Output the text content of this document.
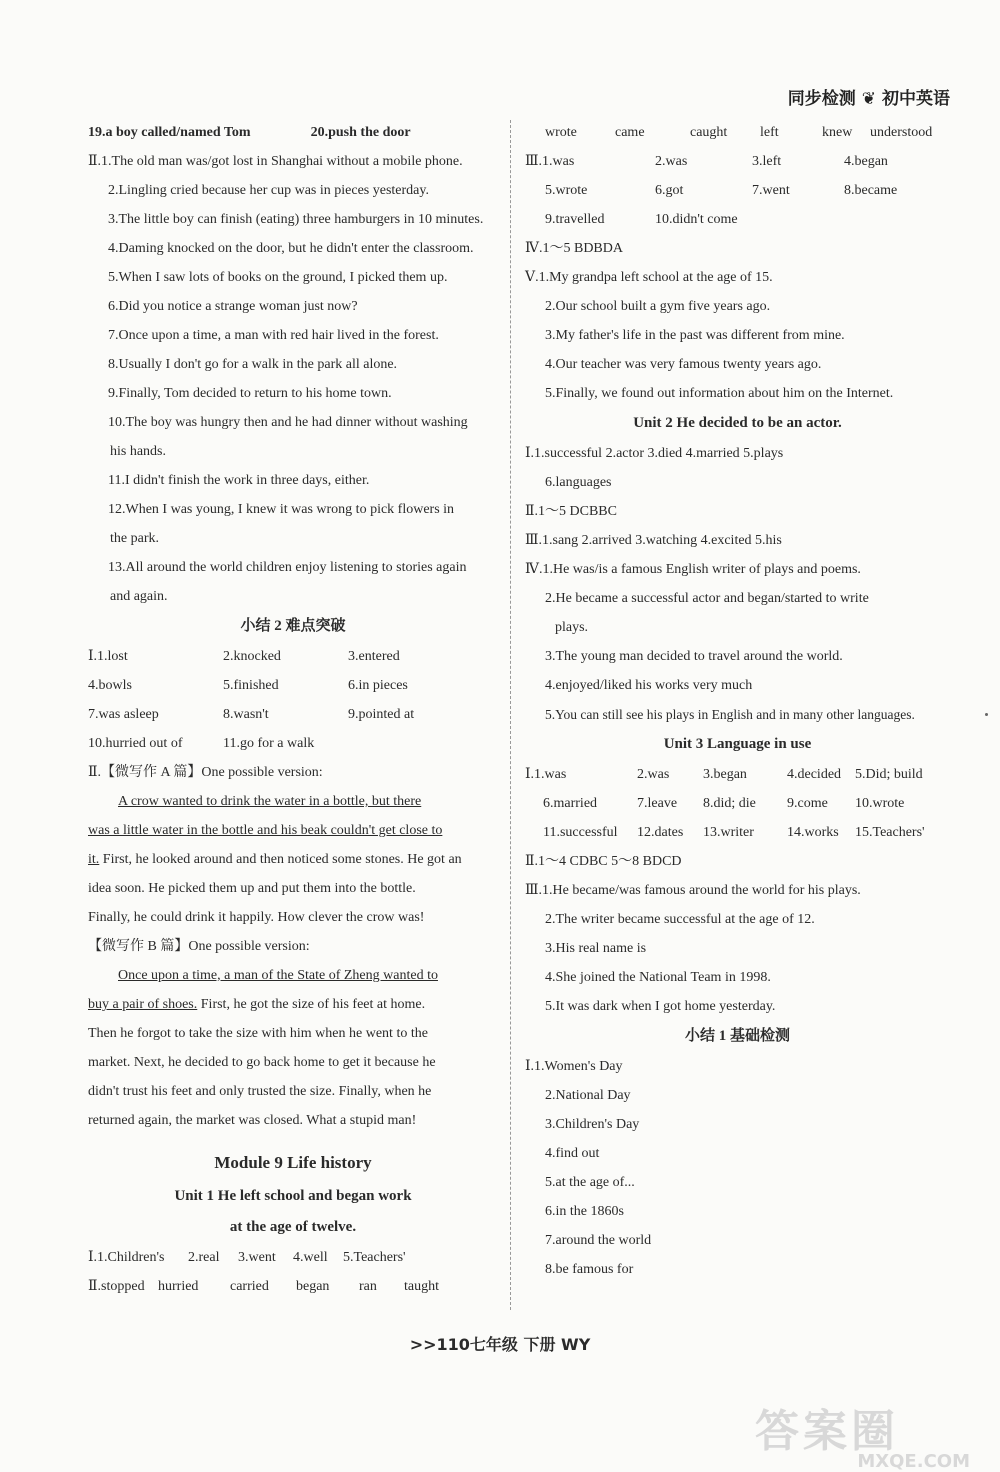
同步检测 ❦ 初中英语
19.a boy called/named Tom	20.push the door
Ⅱ.1.The old man was/got lost in Shanghai without a mobile phone.
2.Lingling cried because her cup was in pieces yesterday.
3.The little boy can finish (eating) three hamburgers in 10 minutes.
4.Daming knocked on the door, but he didn't enter the classroom.
5.When I saw lots of books on the ground, I picked them up.
6.Did you notice a strange woman just now?
7.Once upon a time, a man with red hair lived in the forest.
8.Usually I don't go for a walk in the park all alone.
9.Finally, Tom decided to return to his home town.
10.The boy was hungry then and he had dinner without washing
his hands.
11.I didn't finish the work in three days, either.
12.When I was young, I knew it was wrong to pick flowers in
the park.
13.All around the world children enjoy listening to stories again
and again.
小结 2 难点突破
Ⅰ.1.lost	2.knocked	3.entered
4.bowls	5.finished	6.in pieces
7.was asleep	8.wasn't	9.pointed at
10.hurried out of	11.go for a walk
Ⅱ.【微写作 A 篇】One possible version:
A crow wanted to drink the water in a bottle, but there
was a little water in the bottle and his beak couldn't get close to
it. First, he looked around and then noticed some stones. He got an
idea soon. He picked them up and put them into the bottle.
Finally, he could drink it happily. How clever the crow was!
【微写作 B 篇】One possible version:
Once upon a time, a man of the State of Zheng wanted to
buy a pair of shoes. First, he got the size of his feet at home.
Then he forgot to take the size with him when he went to the
market. Next, he decided to go back home to get it because he
didn't trust his feet and only trusted the size. Finally, when he
returned again, the market was closed. What a stupid man!
Module 9 Life history
Unit 1 He left school and began work
at the age of twelve.
Ⅰ.1.Children's	2.real	3.went	4.well	5.Teachers'
Ⅱ.stopped hurried	carried	began	ran	taught
wrote	came	caught	left	knew	understood
Ⅲ.1.was	2.was	3.left	4.began
5.wrote	6.got	7.went	8.became
9.travelled	10.didn't come
Ⅳ.1～5 BDBDA
Ⅴ.1.My grandpa left school at the age of 15.
2.Our school built a gym five years ago.
3.My father's life in the past was different from mine.
4.Our teacher was very famous twenty years ago.
5.Finally, we found out information about him on the Internet.
Unit 2 He decided to be an actor.
Ⅰ.1.successful 2.actor 3.died 4.married 5.plays
6.languages
Ⅱ.1～5 DCBBC
Ⅲ.1.sang 2.arrived 3.watching 4.excited 5.his
Ⅳ.1.He was/is a famous English writer of plays and poems.
2.He became a successful actor and began/started to write
plays.
3.The young man decided to travel around the world.
4.enjoyed/liked his works very much
5.You can still see his plays in English and in many other languages.
Unit 3 Language in use
Ⅰ.1.was	2.was	3.began	4.decided 5.Did; build
6.married	7.leave	8.did; die	9.come	10.wrote
11.successful	12.dates	13.writer	14.works	15.Teachers'
Ⅱ.1～4 CDBC 5～8 BDCD
Ⅲ.1.He became/was famous around the world for his plays.
2.The writer became successful at the age of 12.
3.His real name is
4.She joined the National Team in 1998.
5.It was dark when I got home yesterday.
小结 1 基础检测
Ⅰ.1.Women's Day
2.National Day
3.Children's Day
4.find out
5.at the age of...
6.in the 1860s
7.around the world
8.be famous for
>>110七年级 下册 WY
答案圈
MXQE.COM
